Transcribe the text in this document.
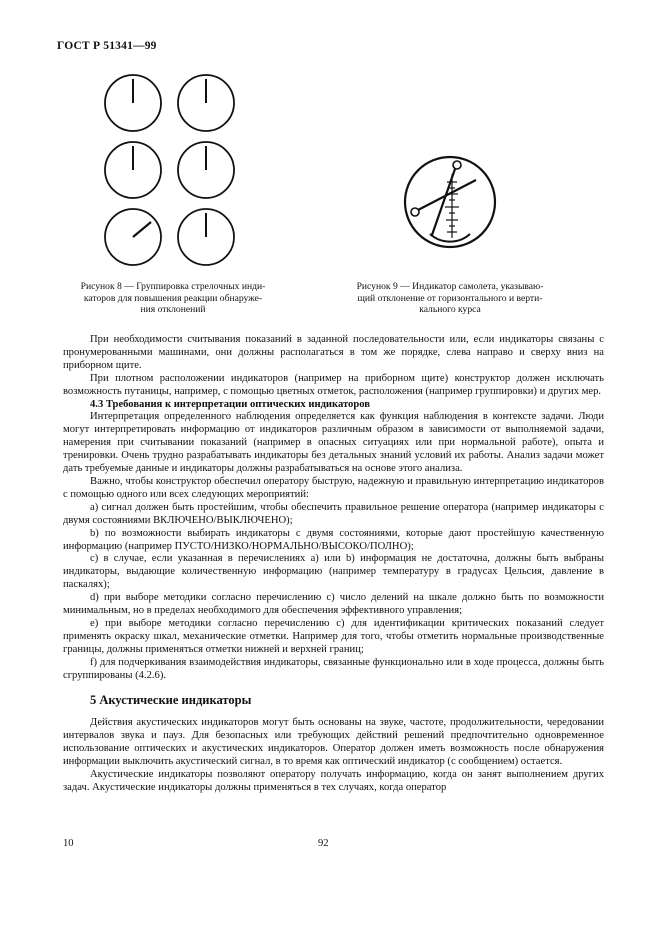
ГОСТ Р 51341—99
Рисунок 8 — Группировка стрелочных инди-
каторов для повышения реакции обнаруже-
ния отклонений
Рисунок 9 — Индикатор самолета, указываю-
щий отклонение от горизонтального и верти-
кального курса

При необходимости считывания показаний в заданной последовательности или, если индикаторы связаны с пронумерованными машинами, они должны располагаться в том же порядке, слева направо и сверху вниз на приборном щите.

При плотном расположении индикаторов (например на приборном щите) конструктор должен исключать возможность путаницы, например, с помощью цветных отметок, расположения (например группировки) и других мер.

4.3 Требования к интерпретации оптических индикаторов

Интерпретация определенного наблюдения определяется как функция наблюдения в контексте задачи. Люди могут интерпретировать информацию от индикаторов различным образом в зависимости от выполняемой задачи, намерения при считывании показаний (например в опасных ситуациях или при нормальной работе), опыта и тренировки. Очень трудно разрабатывать индикаторы без детальных знаний условий их работы. Анализ задачи может дать требуемые данные и индикаторы должны разрабатываться на основе этого анализа.

Важно, чтобы конструктор обеспечил оператору быструю, надежную и правильную интерпретацию индикаторов с помощью одного или всех следующих мероприятий:

а) сигнал должен быть простейшим, чтобы обеспечить правильное решение оператора (например индикаторы с двумя состояниями ВКЛЮЧЕНО/ВЫКЛЮЧЕНО);

b) по возможности выбирать индикаторы с двумя состояниями, которые дают простейшую качественную информацию (например ПУСТО/НИЗКО/НОРМАЛЬНО/ВЫСОКО/ПОЛНО);

с) в случае, если указанная в перечислениях а) или b) информация не достаточна, должны быть выбраны индикаторы, выдающие количественную информацию (например температуру в градусах Цельсия, давление в паскалях);

d) при выборе методики согласно перечислению с) число делений на шкале должно быть по возможности минимальным, но в пределах необходимого для обеспечения эффективного управления;

е) при выборе методики согласно перечислению с) для идентификации критических показаний следует применять окраску шкал, механические отметки. Например для того, чтобы отметить нормальные производственные границы, должны применяться отметки нижней и верхней границ;

f) для подчеркивания взаимодействия индикаторы, связанные функционально или в ходе процесса, должны быть сгруппированы (4.2.6).

5 Акустические индикаторы

Действия акустических индикаторов могут быть основаны на звуке, частоте, продолжительности, чередовании интервалов звука и пауз. Для безопасных или требующих действий решений предпочтительно одновременное использование оптических и акустических индикаторов. Оператор должен иметь возможность после обнаружения информации выключить акустический сигнал, в то время как оптический индикатор (с сообщением) остается.

Акустические индикаторы позволяют оператору получать информацию, когда он занят выполнением других задач. Акустические индикаторы должны применяться в тех случаях, когда оператор

10	92
